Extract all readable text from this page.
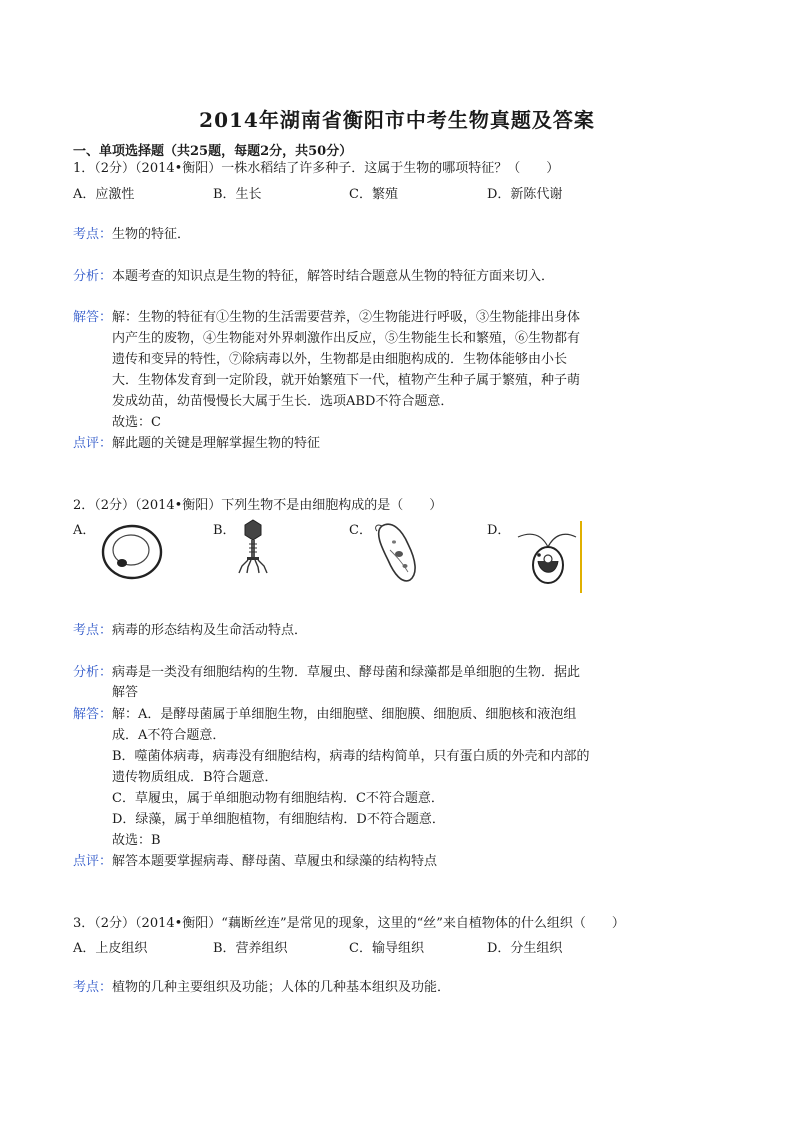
2014年湖南省衡阳市中考生物真题及答案
一、单项选择题（共25题，每题2分，共50分）
1．（2分）（2014•衡阳）一株水稻结了许多种子．这属于生物的哪项特征？（　　）
A．应激性	B．生长	C．繁殖	D．新陈代谢
考点：生物的特征．
分析：本题考查的知识点是生物的特征，解答时结合题意从生物的特征方面来切入．
解答：解：生物的特征有①生物的生活需要营养，②生物能进行呼吸，③生物能排出身体
内产生的废物，④生物能对外界刺激作出反应，⑤生物能生长和繁殖，⑥生物都有
遗传和变异的特性，⑦除病毒以外，生物都是由细胞构成的．生物体能够由小长
大．生物体发育到一定阶段，就开始繁殖下一代，植物产生种子属于繁殖，种子萌
发成幼苗，幼苗慢慢长大属于生长．选项ABD不符合题意．
故选：C
点评：解此题的关键是理解掌握生物的特征
2．（2分）（2014•衡阳）下列生物不是由细胞构成的是（　　）
A．	B．	C．	D．
考点：病毒的形态结构及生命活动特点．
分析：病毒是一类没有细胞结构的生物．草履虫、酵母菌和绿藻都是单细胞的生物．据此
解答
解答：解：A．是酵母菌属于单细胞生物，由细胞壁、细胞膜、细胞质、细胞核和液泡组
成．A不符合题意．
B．噬菌体病毒，病毒没有细胞结构，病毒的结构简单，只有蛋白质的外壳和内部的
遗传物质组成．B符合题意．
C．草履虫，属于单细胞动物有细胞结构．C不符合题意．
D．绿藻，属于单细胞植物，有细胞结构．D不符合题意．
故选：B
点评：解答本题要掌握病毒、酵母菌、草履虫和绿藻的结构特点
3．（2分）（2014•衡阳）“藕断丝连”是常见的现象，这里的“丝”来自植物体的什么组织（　　）
A．上皮组织	B．营养组织	C．输导组织	D．分生组织
考点：植物的几种主要组织及功能；人体的几种基本组织及功能．
